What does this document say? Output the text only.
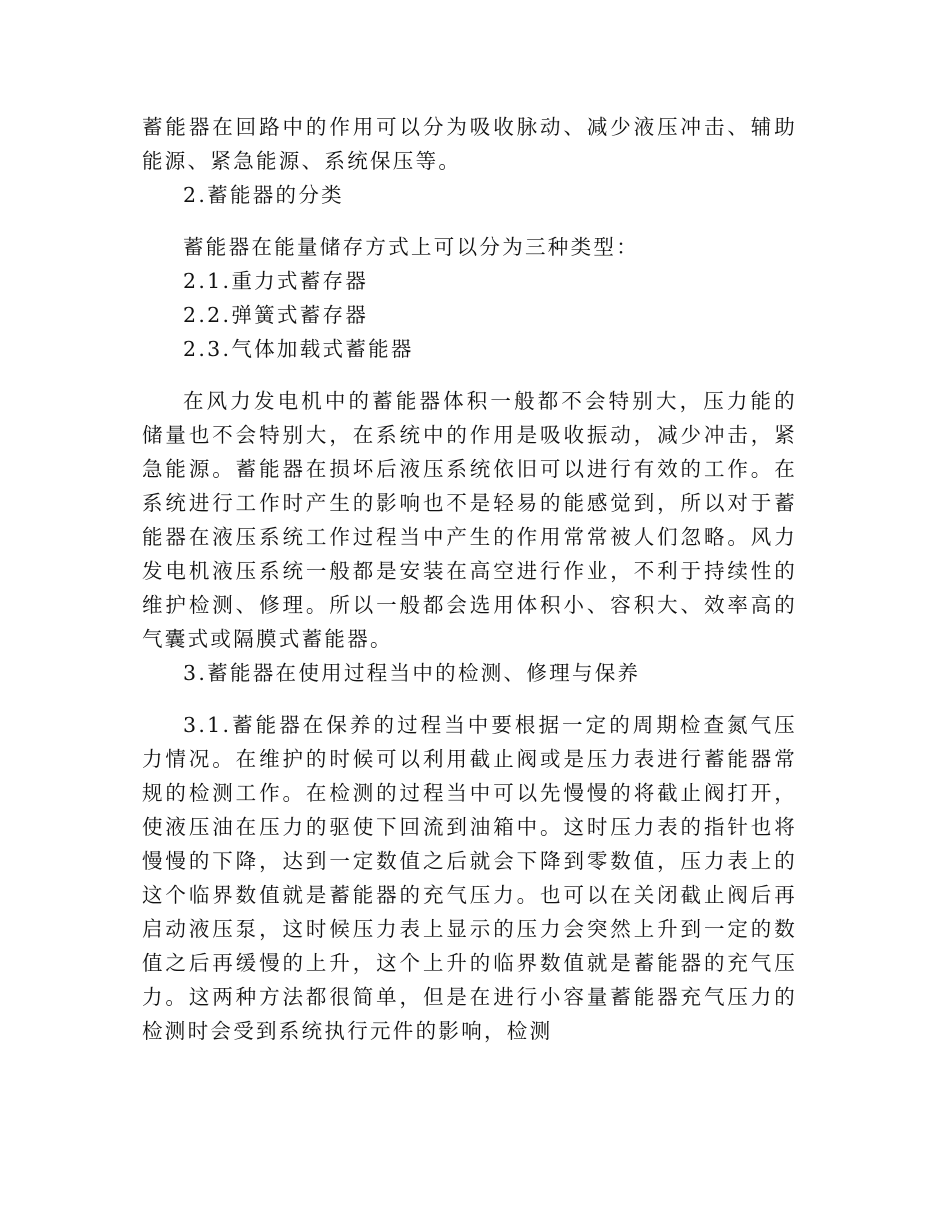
蓄能器在回路中的作用可以分为吸收脉动、减少液压冲击、辅助能源、紧急能源、系统保压等。

2.蓄能器的分类

蓄能器在能量储存方式上可以分为三种类型：

2.1.重力式蓄存器

2.2.弹簧式蓄存器

2.3.气体加载式蓄能器

在风力发电机中的蓄能器体积一般都不会特别大，压力能的储量也不会特别大，在系统中的作用是吸收振动，减少冲击，紧急能源。蓄能器在损坏后液压系统依旧可以进行有效的工作。在系统进行工作时产生的影响也不是轻易的能感觉到，所以对于蓄能器在液压系统工作过程当中产生的作用常常被人们忽略。风力发电机液压系统一般都是安装在高空进行作业，不利于持续性的维护检测、修理。所以一般都会选用体积小、容积大、效率高的气囊式或隔膜式蓄能器。

3.蓄能器在使用过程当中的检测、修理与保养

3.1.蓄能器在保养的过程当中要根据一定的周期检查氮气压力情况。在维护的时候可以利用截止阀或是压力表进行蓄能器常规的检测工作。在检测的过程当中可以先慢慢的将截止阀打开，使液压油在压力的驱使下回流到油箱中。这时压力表的指针也将慢慢的下降，达到一定数值之后就会下降到零数值，压力表上的这个临界数值就是蓄能器的充气压力。也可以在关闭截止阀后再启动液压泵，这时候压力表上显示的压力会突然上升到一定的数值之后再缓慢的上升，这个上升的临界数值就是蓄能器的充气压力。这两种方法都很简单，但是在进行小容量蓄能器充气压力的检测时会受到系统执行元件的影响，检测
